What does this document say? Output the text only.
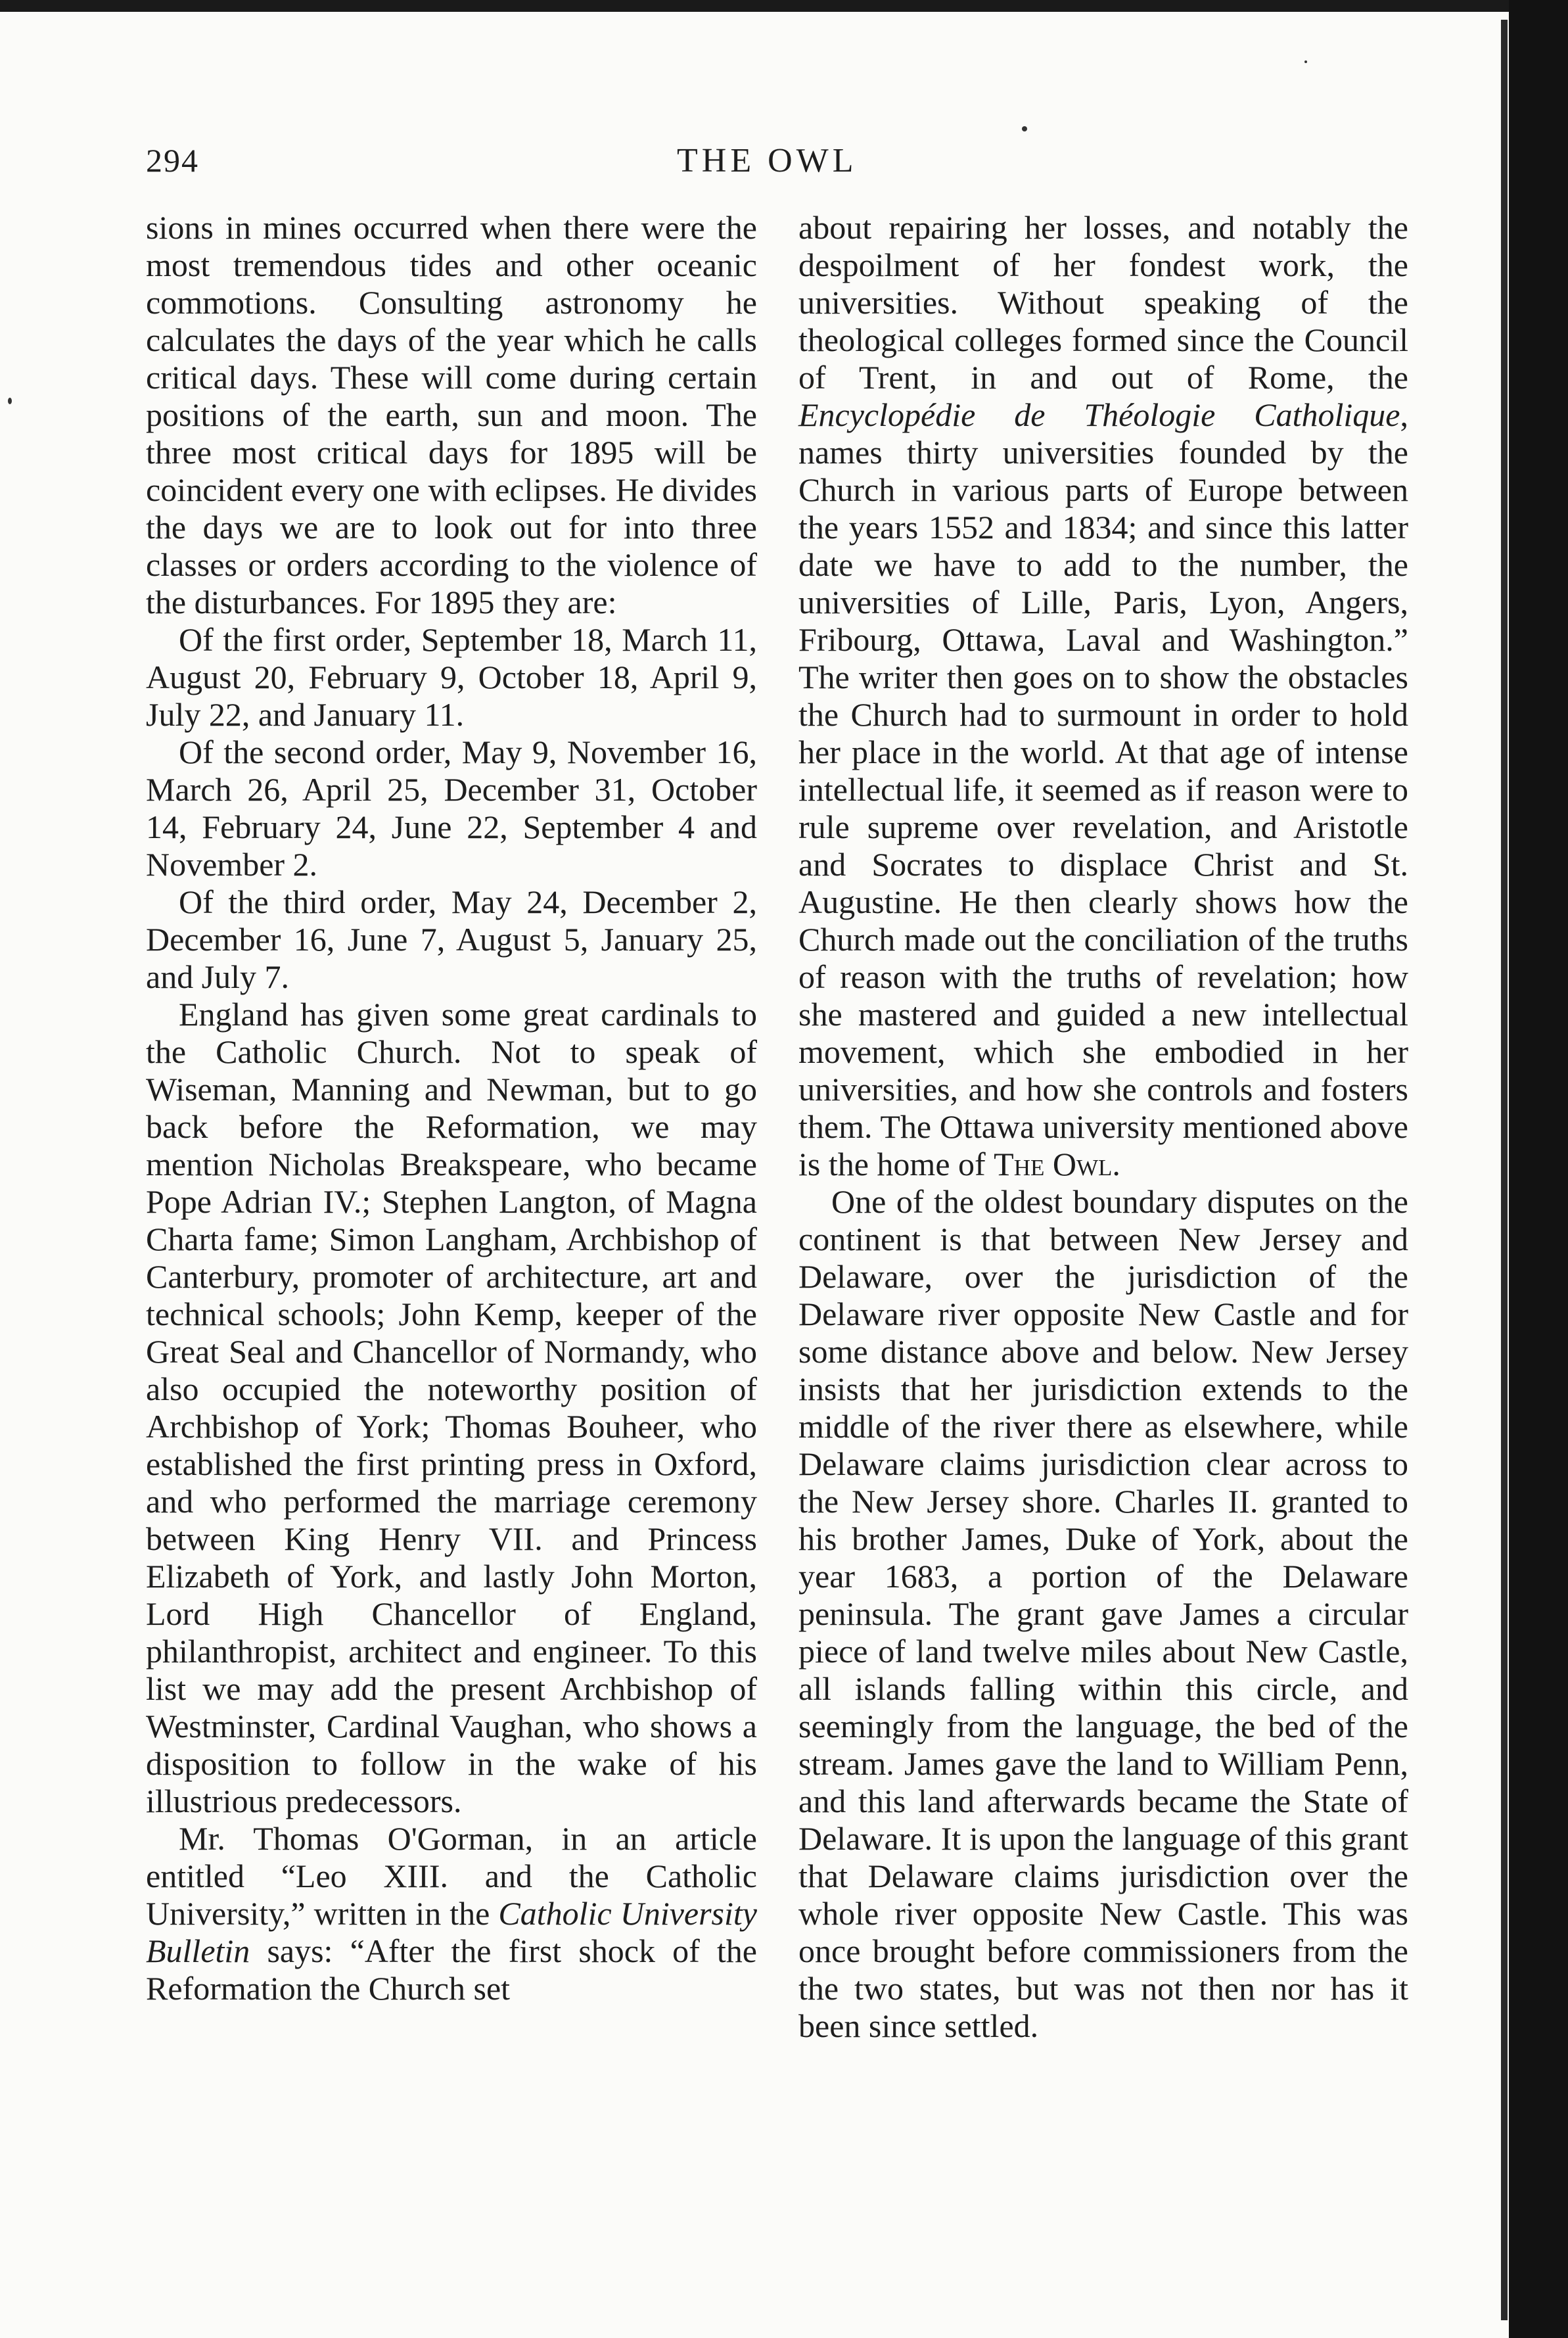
294	THE OWL

sions in mines occurred when there were the most tremendous tides and other oceanic commotions. Consulting astronomy he calculates the days of the year which he calls critical days. These will come during certain positions of the earth, sun and moon. The three most critical days for 1895 will be coincident every one with eclipses. He divides the days we are to look out for into three classes or orders according to the violence of the disturbances. For 1895 they are:

Of the first order, September 18, March 11, August 20, February 9, October 18, April 9, July 22, and January 11.

Of the second order, May 9, November 16, March 26, April 25, December 31, October 14, February 24, June 22, September 4 and November 2.

Of the third order, May 24, December 2, December 16, June 7, August 5, January 25, and July 7.

England has given some great cardinals to the Catholic Church. Not to speak of Wiseman, Manning and Newman, but to go back before the Reformation, we may mention Nicholas Breakspeare, who became Pope Adrian IV.; Stephen Langton, of Magna Charta fame; Simon Langham, Archbishop of Canterbury, promoter of architecture, art and technical schools; John Kemp, keeper of the Great Seal and Chancellor of Normandy, who also occupied the noteworthy position of Archbishop of York; Thomas Bouheer, who established the first printing press in Oxford, and who performed the marriage ceremony between King Henry VII. and Princess Elizabeth of York, and lastly John Morton, Lord High Chancellor of England, philanthropist, architect and engineer. To this list we may add the present Archbishop of Westminster, Cardinal Vaughan, who shows a disposition to follow in the wake of his illustrious predecessors.

Mr. Thomas O'Gorman, in an article entitled “Leo XIII. and the Catholic University,” written in the Catholic University Bulletin says: “After the first shock of the Reformation the Church set

about repairing her losses, and notably the despoilment of her fondest work, the universities. Without speaking of the theological colleges formed since the Council of Trent, in and out of Rome, the Encyclopédie de Théologie Catholique, names thirty universities founded by the Church in various parts of Europe between the years 1552 and 1834; and since this latter date we have to add to the number, the universities of Lille, Paris, Lyon, Angers, Fribourg, Ottawa, Laval and Washington.” The writer then goes on to show the obstacles the Church had to surmount in order to hold her place in the world. At that age of intense intellectual life, it seemed as if reason were to rule supreme over revelation, and Aristotle and Socrates to displace Christ and St. Augustine. He then clearly shows how the Church made out the conciliation of the truths of reason with the truths of revelation; how she mastered and guided a new intellectual movement, which she embodied in her universities, and how she controls and fosters them. The Ottawa university mentioned above is the home of The Owl.

One of the oldest boundary disputes on the continent is that between New Jersey and Delaware, over the jurisdiction of the Delaware river opposite New Castle and for some distance above and below. New Jersey insists that her jurisdiction extends to the middle of the river there as elsewhere, while Delaware claims jurisdiction clear across to the New Jersey shore. Charles II. granted to his brother James, Duke of York, about the year 1683, a portion of the Delaware peninsula. The grant gave James a circular piece of land twelve miles about New Castle, all islands falling within this circle, and seemingly from the language, the bed of the stream. James gave the land to William Penn, and this land afterwards became the State of Delaware. It is upon the language of this grant that Delaware claims jurisdiction over the whole river opposite New Castle. This was once brought before commissioners from the the two states, but was not then nor has it been since settled.
